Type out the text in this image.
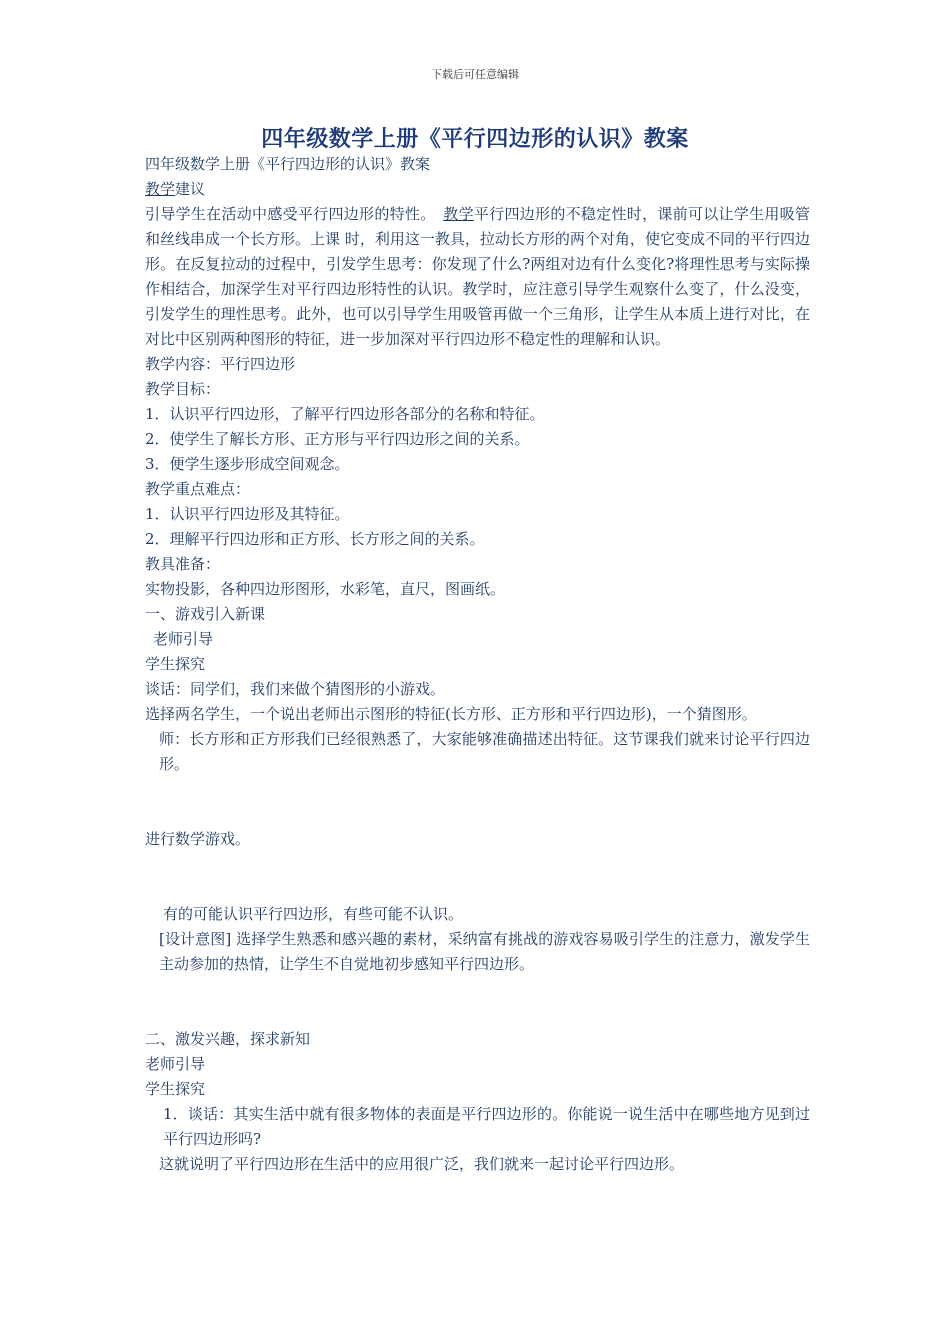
下载后可任意编辑
四年级数学上册《平行四边形的认识》教案
四年级数学上册《平行四边形的认识》教案
教学建议
引导学生在活动中感受平行四边形的特性。　教学平行四边形的不稳定性时，课前可以让学生用吸管和丝线串成一个长方形。上课 时，利用这一教具，拉动长方形的两个对角，使它变成不同的平行四边形。在反复拉动的过程中，引发学生思考：你发现了什么?两组对边有什么变化?将理性思考与实际操作相结合，加深学生对平行四边形特性的认识。教学时，应注意引导学生观察什么变了，什么没变，引发学生的理性思考。此外，也可以引导学生用吸管再做一个三角形，让学生从本质上进行对比，在对比中区别两种图形的特征，进一步加深对平行四边形不稳定性的理解和认识。
教学内容：平行四边形
教学目标：
1．认识平行四边形，了解平行四边形各部分的名称和特征。
2．使学生了解长方形、正方形与平行四边形之间的关系。
3．便学生逐步形成空间观念。
教学重点难点：
1．认识平行四边形及其特征。
2．理解平行四边形和正方形、长方形之间的关系。
教具准备：
实物投影，各种四边形图形，水彩笔，直尺，图画纸。
一、游戏引入新课
老师引导
学生探究
谈话：同学们，我们来做个猜图形的小游戏。
选择两名学生，一个说出老师出示图形的特征(长方形、正方形和平行四边形)，一个猜图形。
师：长方形和正方形我们已经很熟悉了，大家能够准确描述出特征。这节课我们就来讨论平行四边形。
进行数学游戏。
有的可能认识平行四边形，有些可能不认识。
[设计意图] 选择学生熟悉和感兴趣的素材，采纳富有挑战的游戏容易吸引学生的注意力，激发学生主动参加的热情，让学生不自觉地初步感知平行四边形。
二、激发兴趣，探求新知
老师引导
学生探究
1．谈话：其实生活中就有很多物体的表面是平行四边形的。你能说一说生活中在哪些地方见到过平行四边形吗?
这就说明了平行四边形在生活中的应用很广泛，我们就来一起讨论平行四边形。
